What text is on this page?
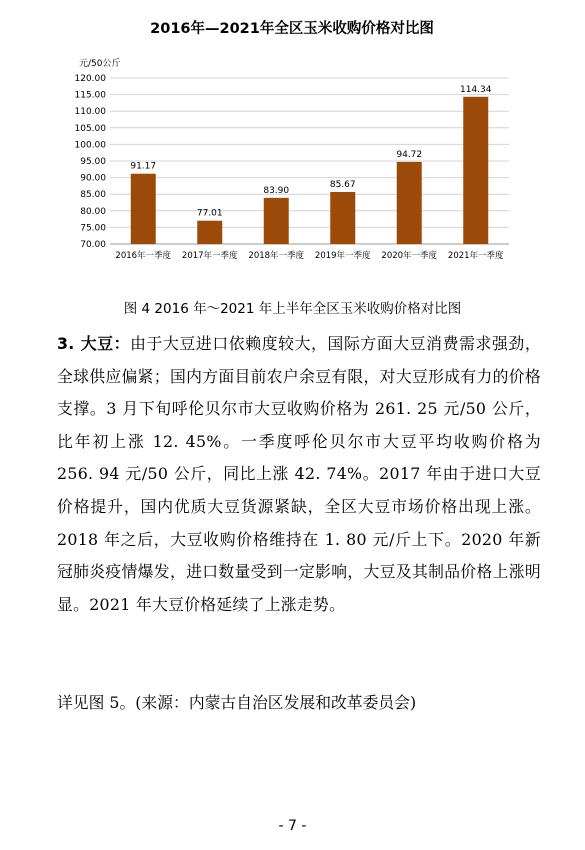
2016年—2021年全区玉米收购价格对比图
元/50公斤
70.00
75.00
80.00
85.00
90.00
95.00
100.00
105.00
110.00
115.00
120.00
91.17
77.01
83.90
85.67
94.72
114.34
2016年一季度 2017年一季度 2018年一季度 2019年一季度 2020年一季度 2021年一季度
图 4 2016 年～2021 年上半年全区玉米收购价格对比图
3. 大豆：由于大豆进口依赖度较大，国际方面大豆消费需求强劲，全球供应偏紧；国内方面目前农户余豆有限，对大豆形成有力的价格支撑。3 月下旬呼伦贝尔市大豆收购价格为 261. 25 元/50 公斤，比年初上涨 12. 45%。一季度呼伦贝尔市大豆平均收购价格为 256. 94 元/50 公斤，同比上涨 42. 74%。2017 年由于进口大豆价格提升，国内优质大豆货源紧缺，全区大豆市场价格出现上涨。2018 年之后，大豆收购价格维持在 1. 80 元/斤上下。2020 年新冠肺炎疫情爆发，进口数量受到一定影响，大豆及其制品价格上涨明显。2021 年大豆价格延续了上涨走势。
详见图 5。(来源：内蒙古自治区发展和改革委员会)
- 7 -
